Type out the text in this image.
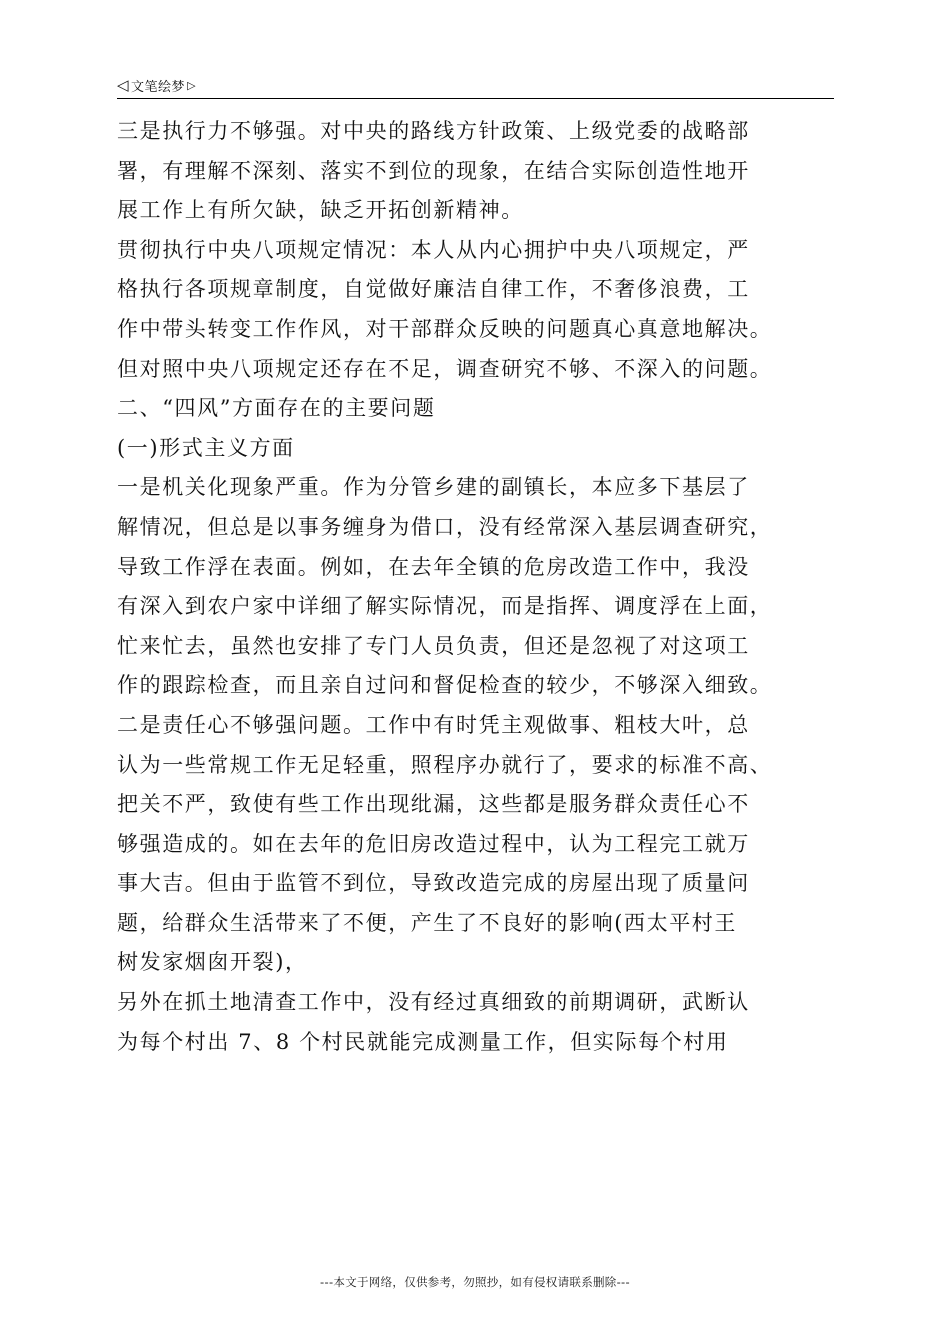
◁ 文笔绘梦 ▷
三是执行力不够强。对中央的路线方针政策、上级党委的战略部
署，有理解不深刻、落实不到位的现象，在结合实际创造性地开
展工作上有所欠缺，缺乏开拓创新精神。
贯彻执行中央八项规定情况：本人从内心拥护中央八项规定，严
格执行各项规章制度，自觉做好廉洁自律工作，不奢侈浪费，工
作中带头转变工作作风，对干部群众反映的问题真心真意地解决。
但对照中央八项规定还存在不足，调查研究不够、不深入的问题。
二、“四风”方面存在的主要问题
(一)形式主义方面
一是机关化现象严重。作为分管乡建的副镇长，本应多下基层了
解情况，但总是以事务缠身为借口，没有经常深入基层调查研究，
导致工作浮在表面。例如，在去年全镇的危房改造工作中，我没
有深入到农户家中详细了解实际情况，而是指挥、调度浮在上面，
忙来忙去，虽然也安排了专门人员负责，但还是忽视了对这项工
作的跟踪检查，而且亲自过问和督促检查的较少，不够深入细致。
二是责任心不够强问题。工作中有时凭主观做事、粗枝大叶，总
认为一些常规工作无足轻重，照程序办就行了，要求的标准不高、
把关不严，致使有些工作出现纰漏，这些都是服务群众责任心不
够强造成的。如在去年的危旧房改造过程中，认为工程完工就万
事大吉。但由于监管不到位，导致改造完成的房屋出现了质量问
题，给群众生活带来了不便，产生了不良好的影响(西太平村王
树发家烟囱开裂)，
另外在抓土地清查工作中，没有经过真细致的前期调研，武断认
为每个村出 7、8 个村民就能完成测量工作，但实际每个村用
---本文于网络，仅供参考，勿照抄，如有侵权请联系删除---
